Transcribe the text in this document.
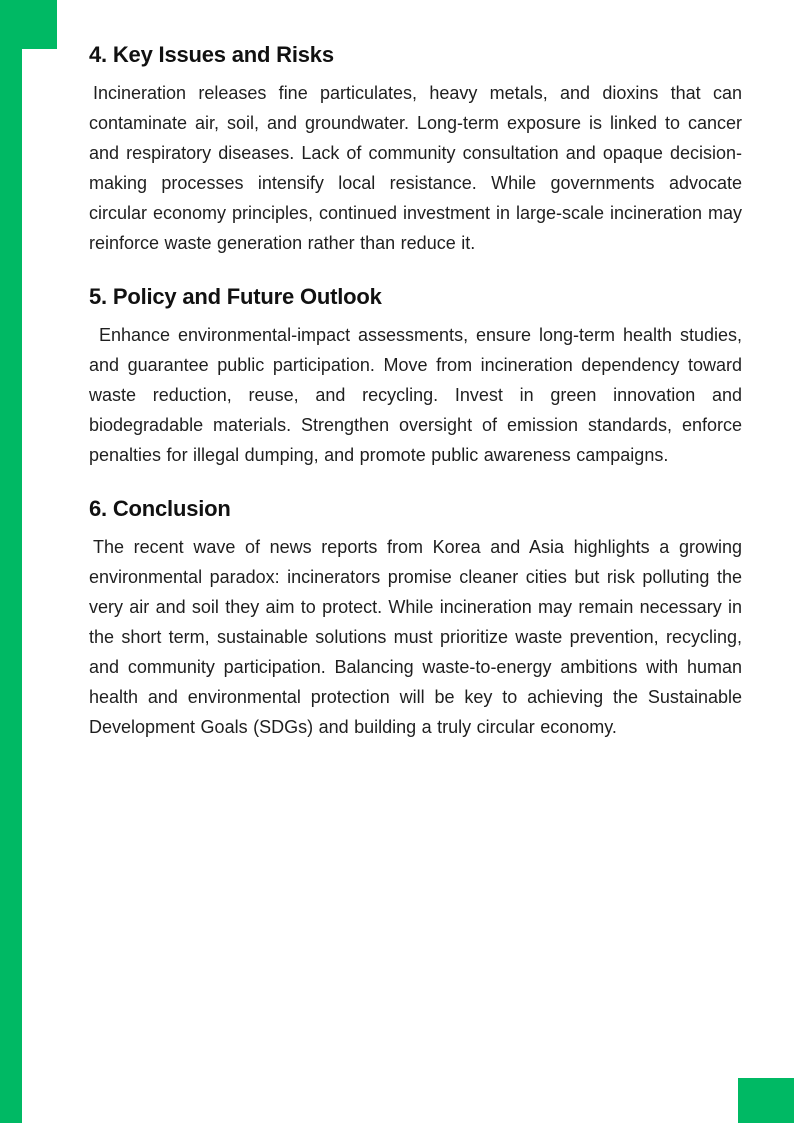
4. Key Issues and Risks

Incineration releases fine particulates, heavy metals, and dioxins that can contaminate air, soil, and groundwater. Long-term exposure is linked to cancer and respiratory diseases. Lack of community consultation and opaque decision-making processes intensify local resistance. While governments advocate circular economy principles, continued investment in large-scale incineration may reinforce waste generation rather than reduce it.

5. Policy and Future Outlook

Enhance environmental-impact assessments, ensure long-term health studies, and guarantee public participation. Move from incineration dependency toward waste reduction, reuse, and recycling. Invest in green innovation and biodegradable materials. Strengthen oversight of emission standards, enforce penalties for illegal dumping, and promote public awareness campaigns.

6. Conclusion

The recent wave of news reports from Korea and Asia highlights a growing environmental paradox: incinerators promise cleaner cities but risk polluting the very air and soil they aim to protect. While incineration may remain necessary in the short term, sustainable solutions must prioritize waste prevention, recycling, and community participation. Balancing waste-to-energy ambitions with human health and environmental protection will be key to achieving the Sustainable Development Goals (SDGs) and building a truly circular economy.
